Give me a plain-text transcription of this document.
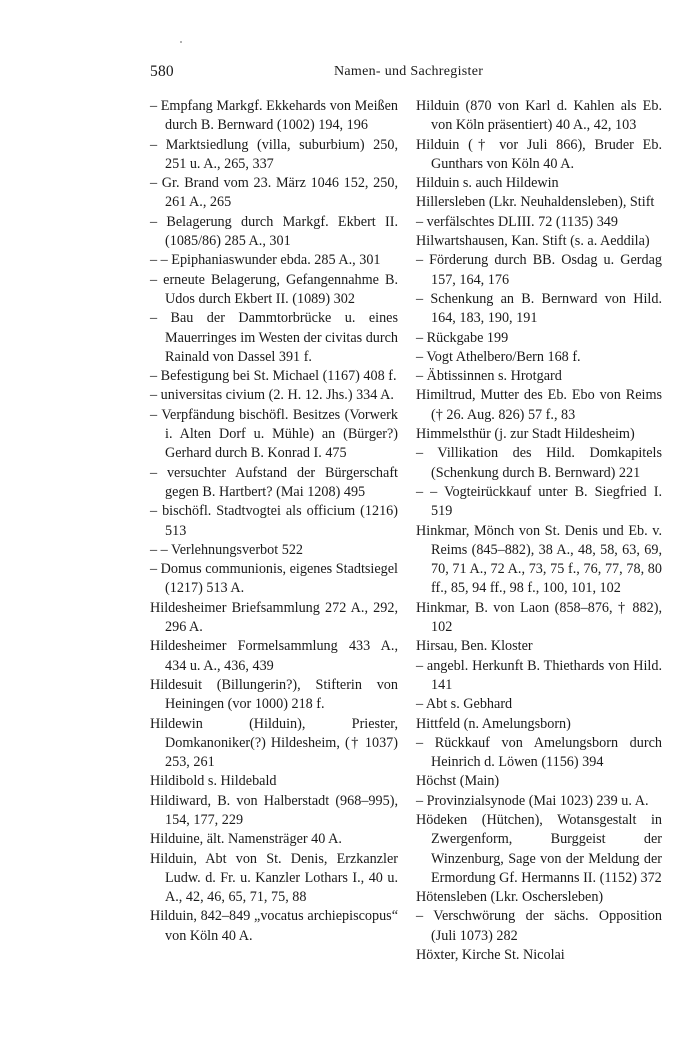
580	Namen- und Sachregister

– Empfang Markgf. Ekkehards von Meißen durch B. Bernward (1002) 194, 196

– Marktsiedlung (villa, suburbium) 250, 251 u. A., 265, 337

– Gr. Brand vom 23. März 1046 152, 250, 261 A., 265

– Belagerung durch Markgf. Ekbert II. (1085/86) 285 A., 301

– – Epiphaniaswunder ebda. 285 A., 301

– erneute Belagerung, Gefangennahme B. Udos durch Ekbert II. (1089) 302

– Bau der Dammtorbrücke u. eines Mauerringes im Westen der civitas durch Rainald von Dassel 391 f.

– Befestigung bei St. Michael (1167) 408 f.

– universitas civium (2. H. 12. Jhs.) 334 A.

– Verpfändung bischöfl. Besitzes (Vorwerk i. Alten Dorf u. Mühle) an (Bürger?) Gerhard durch B. Konrad I. 475

– versuchter Aufstand der Bürgerschaft gegen B. Hartbert? (Mai 1208) 495

– bischöfl. Stadtvogtei als officium (1216) 513

– – Verlehnungsverbot 522

– Domus communionis, eigenes Stadtsiegel (1217) 513 A.

Hildesheimer Briefsammlung 272 A., 292, 296 A.

Hildesheimer Formelsammlung 433 A., 434 u. A., 436, 439

Hildesuit (Billungerin?), Stifterin von Heiningen (vor 1000) 218 f.

Hildewin (Hilduin), Priester, Domkanoniker(?) Hildesheim, († 1037) 253, 261

Hildibold s. Hildebald

Hildiward, B. von Halberstadt (968–995), 154, 177, 229

Hilduine, ält. Namensträger 40 A.

Hilduin, Abt von St. Denis, Erzkanzler Ludw. d. Fr. u. Kanzler Lothars I., 40 u. A., 42, 46, 65, 71, 75, 88

Hilduin, 842–849 „vocatus archiepiscopus“ von Köln 40 A.

Hilduin (870 von Karl d. Kahlen als Eb. von Köln präsentiert) 40 A., 42, 103

Hilduin († vor Juli 866), Bruder Eb. Gunthars von Köln 40 A.

Hilduin s. auch Hildewin

Hillersleben (Lkr. Neuhaldensleben), Stift

– verfälschtes DLIII. 72 (1135) 349

Hilwartshausen, Kan. Stift (s. a. Aeddila)

– Förderung durch BB. Osdag u. Gerdag 157, 164, 176

– Schenkung an B. Bernward von Hild. 164, 183, 190, 191

– Rückgabe 199

– Vogt Athelbero/Bern 168 f.

– Äbtissinnen s. Hrotgard

Himiltrud, Mutter des Eb. Ebo von Reims († 26. Aug. 826) 57 f., 83

Himmelsthür (j. zur Stadt Hildesheim)

– Villikation des Hild. Domkapitels (Schenkung durch B. Bernward) 221

– – Vogteirückkauf unter B. Siegfried I. 519

Hinkmar, Mönch von St. Denis und Eb. v. Reims (845–882), 38 A., 48, 58, 63, 69, 70, 71 A., 72 A., 73, 75 f., 76, 77, 78, 80 ff., 85, 94 ff., 98 f., 100, 101, 102

Hinkmar, B. von Laon (858–876, † 882), 102

Hirsau, Ben. Kloster

– angebl. Herkunft B. Thiethards von Hild. 141

– Abt s. Gebhard

Hittfeld (n. Amelungsborn)

– Rückkauf von Amelungsborn durch Heinrich d. Löwen (1156) 394

Höchst (Main)

– Provinzialsynode (Mai 1023) 239 u. A.

Hödeken (Hütchen), Wotansgestalt in Zwergenform, Burggeist der Winzenburg, Sage von der Meldung der Ermordung Gf. Hermanns II. (1152) 372

Hötensleben (Lkr. Oschersleben)

– Verschwörung der sächs. Opposition (Juli 1073) 282

Höxter, Kirche St. Nicolai
